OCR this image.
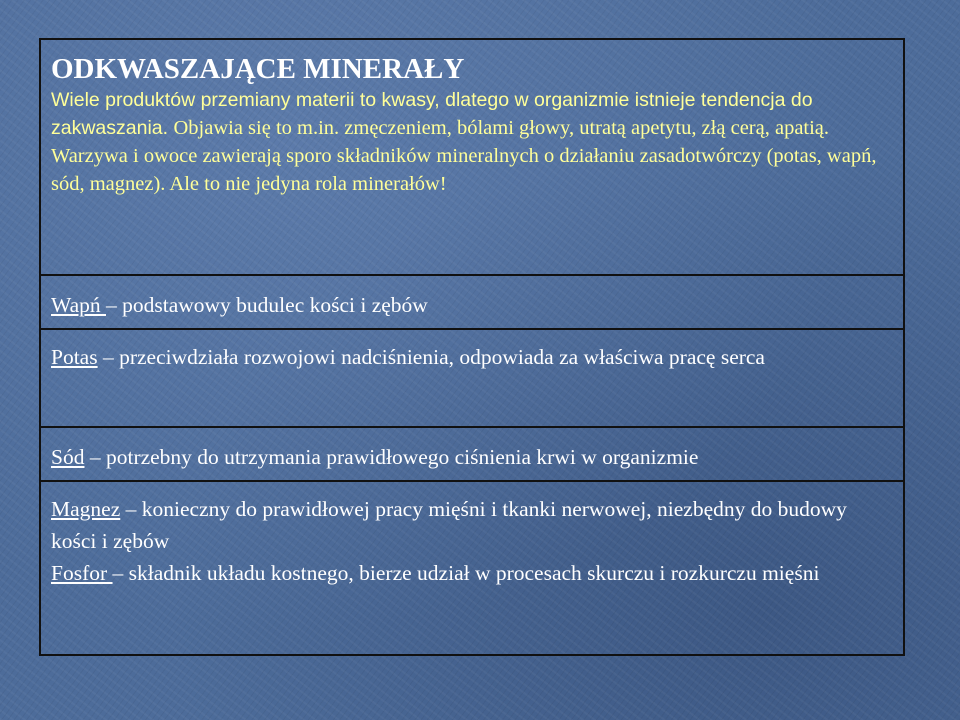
ODKWASZAJĄCE MINERAŁY

Wiele produktów przemiany materii to kwasy, dlatego w organizmie istnieje tendencja do zakwaszania. Objawia się to m.in. zmęczeniem, bólami głowy, utratą apetytu, złą cerą, apatią. Warzywa i owoce zawierają sporo składników mineralnych o działaniu zasadotwórczy (potas, wapń, sód, magnez). Ale to nie jedyna rola minerałów!

Wapń – podstawowy budulec kości i zębów

Potas – przeciwdziała rozwojowi nadciśnienia, odpowiada za właściwa pracę serca

Sód – potrzebny do utrzymania prawidłowego ciśnienia krwi w organizmie

Magnez – konieczny do prawidłowej pracy mięśni i tkanki nerwowej, niezbędny do budowy kości i zębów

Fosfor – składnik układu kostnego, bierze udział w procesach skurczu i rozkurczu mięśni
